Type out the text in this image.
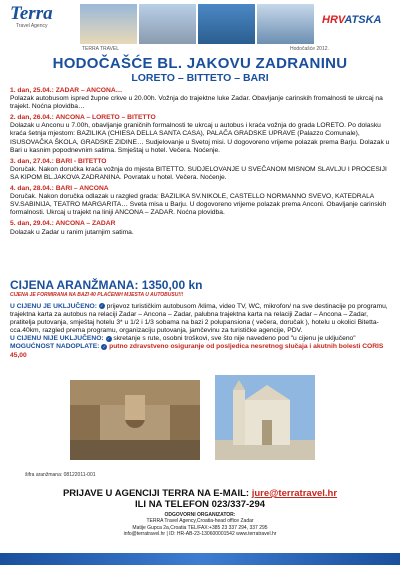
Terra
Travel Agency	HRVATSKA
TERRA TRAVEL	Hodočašće 2012.
HODOČAŠĆE BL. JAKOVU ZADRANINU
LORETO – BITTETO – BARI
1. dan, 25.04.: ZADAR – ANCONA…
Polazak autobusom ispred župne crkve u 20.00h. Vožnja do trajektne luke Zadar. Obavljanje carinskih fromalnosti te ukrcaj na trajekt. Noćna plovidba…
2. dan, 26.04.: ANCONA – LORETO – BITETTO
Dolazak u Anconu u 7.00h, obavljanje graničnih formalnosti te ukrcaj u autobus i kraća vožnja do grada LORETO. Po dolasku kraća šetnja mjestom: BAZILIKA (CHIESA DELLA SANTA CASA), PALAČA GRADSKE UPRAVE (Palazzo Comunale), ISUSOVAČKA ŠKOLA, GRADSKE ZIDINE… Sudjelovanje u Svetoj misi. U dogovoreno vrijeme polazak prema Barju. Dolazak u Bari u kasnim popodnevnim satima. Smještaj u hotel. Večera. Noćenje.
3. dan, 27.04.: BARI - BITETTO
Doručak. Nakon doručka kraća vožnja do mjesta BITETTO. SUDJELOVANJE U SVEČANOM MISNOM SLAVLJU I PROCESIJI SA KIPOM BL.JAKOVA ZADRANINA. Povratak u hotel. Večera. Noćenje.
4. dan, 28.04.: BARI – ANCONA
Doručak. Nakon doručka odlazak u razgled grada: BAZILIKA SV.NIKOLE, CASTELLO NORMANNO SVEVO, KATEDRALA SV.SABINIJA, TEATRO MARGARITA… Sveta misa u Barju. U dogovoreno vrijeme polazak prema Anconi. Obavljanje carinskih formalnosti. Ukrcaj u trajekt na liniji ANCONA – ZADAR. Noćna plovidba.
5. dan, 29.04.: ANCONA – ZADAR
Dolazak u Zadar u ranim jutarnjim satima.
CIJENA ARANŽMANA: 1350,00 kn
CIJENA JE FORMIRANA NA BAZI 40 PLAĆENIH MJESTA U AUTOBUSU!!!
U CIJENU JE UKLJUČENO: ✓ prijevoz turističkim autobusom /klima, video TV, WC, mikrofon/ na sve destinacije po programu, trajektna karta za autobus na relaciji Zadar – Ancona – Zadar, palubna trajektna karta na relaciji Zadar – Ancona – Zadar, pratitelja putovanja, smještaj hotelu 3* u 1/2 i 1/3 sobama na bazi 2 polupansiona ( večera, doručak ), hotelu u okolici Bitetta-cca.40km, razgled prema programu, organizaciju putovanja, jamčevinu za turističke agencije, PDV.
U CIJENU NIJE UKLJUČENO: ✓ skretanje s rute, osobni troškovi, sve što nije navedeno pod "u cijenu je uključeno"
MOGUĆNOST NADOPLATE: ✓ putno zdravstveno osiguranje od posljedica nesretnog slučaja i akutnih bolesti CORIS 45,00
šifra aranžmana: 08122011-001
PRIJAVE U AGENCIJI TERRA NA E-MAIL: jure@terratravel.hr
ILI NA TELEFON 023/337-294
ODGOVORNI ORGANIZATOR:
TERRA Travel Agency,Croatia-head office Zadar
Matije Gupca 2a,Croatia TEL/FAX:+385 23 337 294, 337 295
info@terratravel.hr | ID: HR-AB-23-130600001542 www.terratravel.hr
